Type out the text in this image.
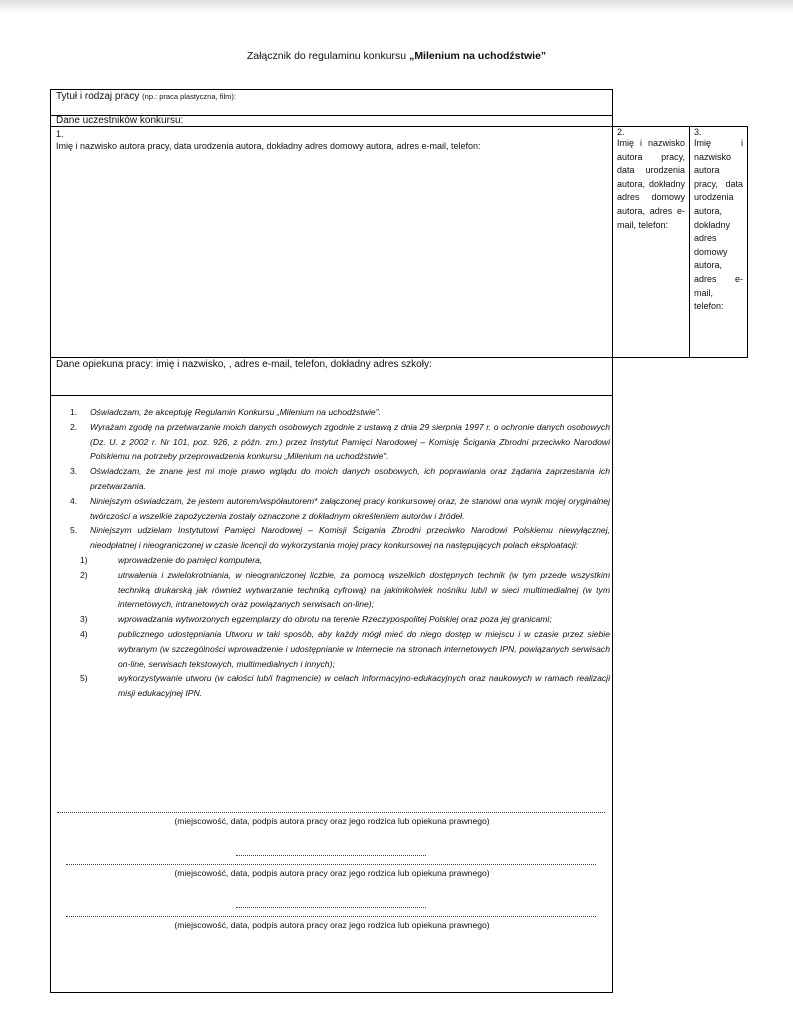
Załącznik do regulaminu konkursu „Milenium na uchodźstwie”
Tytuł i rodzaj pracy (np.: praca plastyczna, film):
Dane uczestników konkursu:
1.
Imię i nazwisko autora pracy, data urodzenia autora, dokładny adres domowy autora, adres e-mail, telefon:
2.
Imię i nazwisko autora pracy, data urodzenia autora, dokładny adres domowy autora, adres e-mail, telefon:
3.
Imię i nazwisko autora pracy, data urodzenia autora, dokładny adres domowy autora, adres e-mail, telefon:
Dane opiekuna pracy: imię i nazwisko, , adres e-mail, telefon, dokładny adres szkoły:
1. Oświadczam, że akceptuję Regulamin Konkursu „Milenium na uchodźstwie”.
2. Wyrażam zgodę na przetwarzanie moich danych osobowych zgodnie z ustawą z dnia 29 sierpnia 1997 r. o ochronie danych osobowych (Dz. U. z 2002 r. Nr 101, poz. 926, z późn. zm.) przez Instytut Pamięci Narodowej – Komisję Ścigania Zbrodni przeciwko Narodowi Polskiemu na potrzeby przeprowadzenia konkursu „Milenium na uchodźstwie”.
3. Oświadczam, że znane jest mi moje prawo wglądu do moich danych osobowych, ich poprawiania oraz żądania zaprzestania ich przetwarzania.
4. Niniejszym oświadczam, że jestem autorem/współautorem* załączonej pracy konkursowej oraz, że stanowi ona wynik mojej oryginalnej twórczości a wszelkie zapożyczenia zostały oznaczone z dokładnym określeniem autorów i źródeł.
5. Niniejszym udzielam Instytutowi Pamięci Narodowej – Komisji Ścigania Zbrodni przeciwko Narodowi Polskiemu niewyłącznej, nieodpłatnej i nieograniczonej w czasie licencji do wykorzystania mojej pracy konkursowej na następujących polach eksploatacji:
1)	wprowadzenie do pamięci komputera,
2)	utrwalenia i zwielokrotniania, w nieograniczonej liczbie, za pomocą wszelkich dostępnych technik (w tym przede wszystkim techniką drukarską jak również wytwarzanie techniką cyfrową) na jakimkolwiek nośniku lub/i w sieci multimedialnej (w tym internetowych, intranetowych oraz powiązanych serwisach on-line);
3)	wprowadzania wytworzonych egzemplarzy do obrotu na terenie Rzeczypospolitej Polskiej oraz poza jej granicami;
4)	publicznego udostępniania Utworu w taki sposób, aby każdy mógł mieć do niego dostęp w miejscu i w czasie przez siebie wybranym (w szczególności wprowadzenie i udostępnianie w Internecie na stronach internetowych IPN, powiązanych serwisach on-line, serwisach tekstowych, multimedialnych i innych);
5)	wykorzystywanie utworu (w całości lub/i fragmencie) w celach informacyjno-edukacyjnych oraz naukowych w ramach realizacji misji edukacyjnej IPN.
(miejscowość, data, podpis autora pracy oraz jego rodzica lub opiekuna prawnego)
(miejscowość, data, podpis autora pracy oraz jego rodzica lub opiekuna prawnego)
(miejscowość, data, podpis autora pracy oraz jego rodzica lub opiekuna prawnego)
